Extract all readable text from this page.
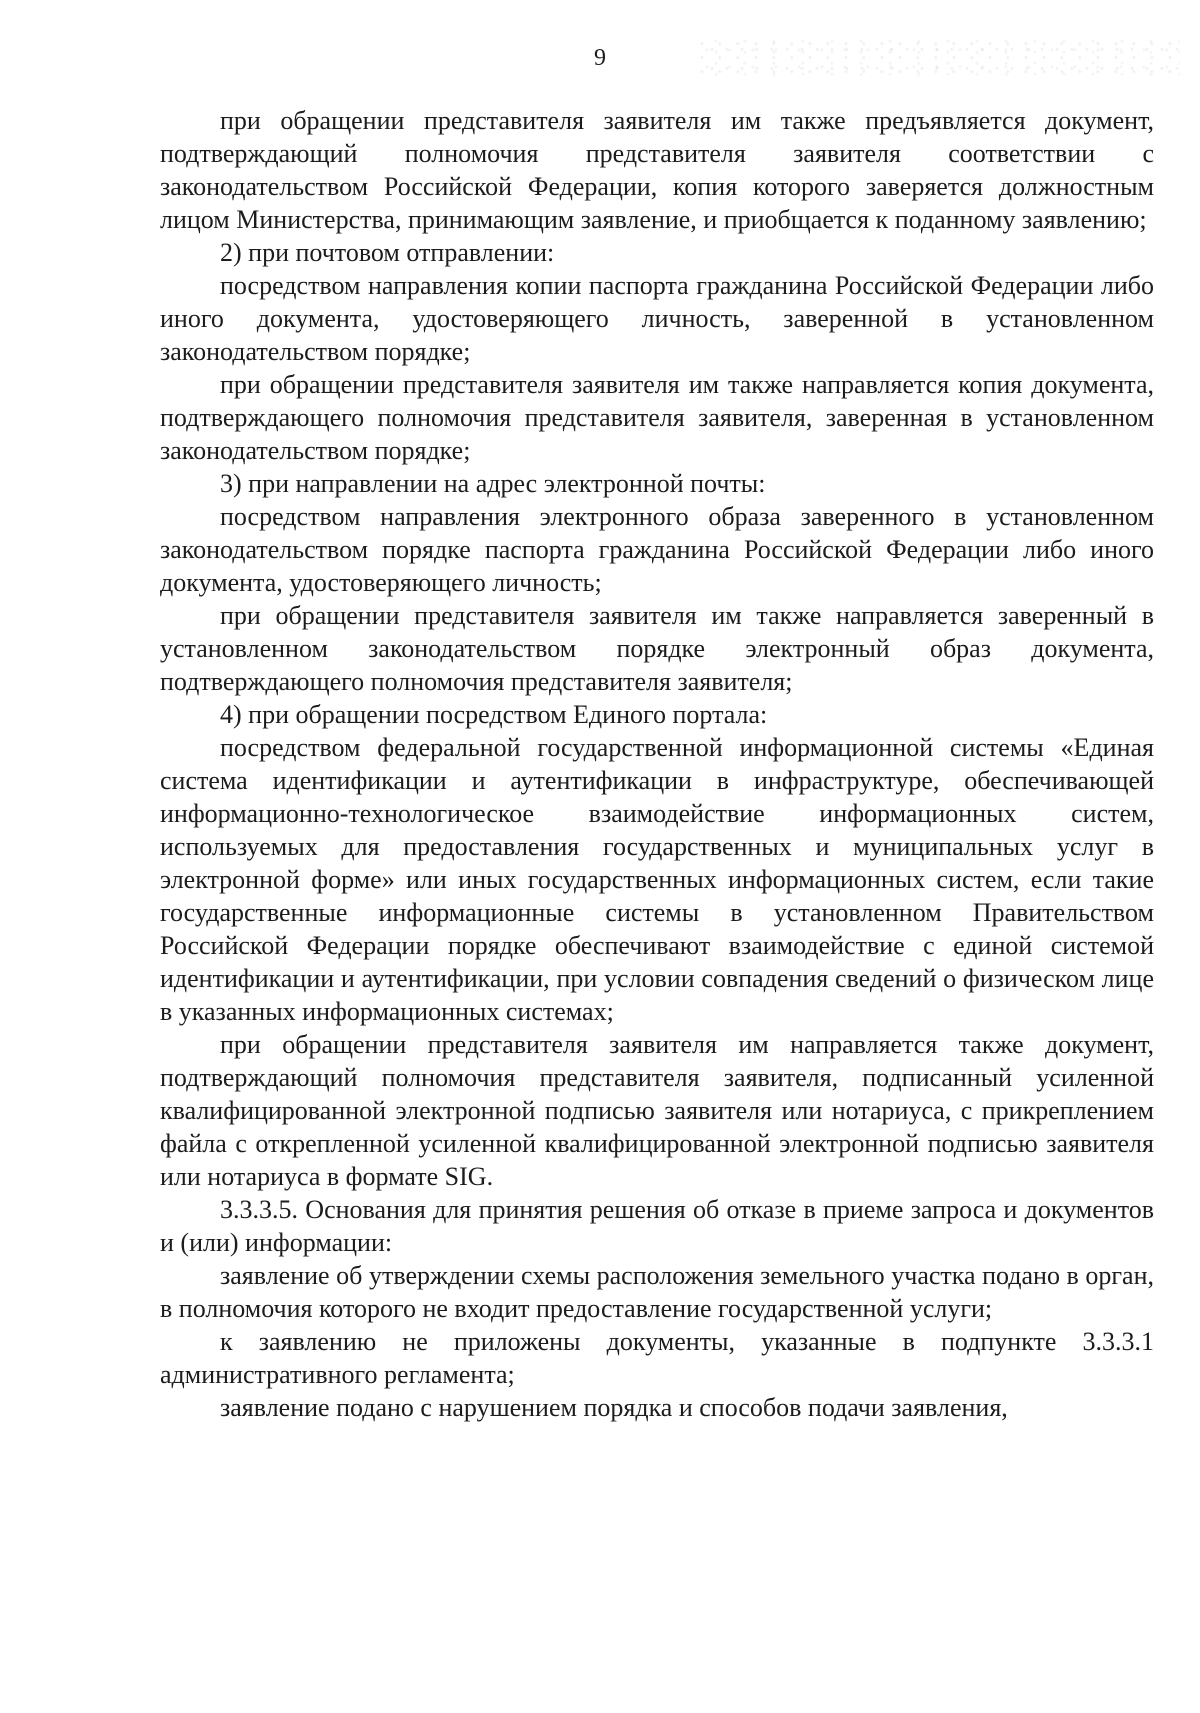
9

при обращении представителя заявителя им также предъявляется документ, подтверждающий полномочия представителя заявителя соответствии с законодательством Российской Федерации, копия которого заверяется должностным лицом Министерства, принимающим заявление, и приобщается к поданному заявлению;

2) при почтовом отправлении:

посредством направления копии паспорта гражданина Российской Федерации либо иного документа, удостоверяющего личность, заверенной в установленном законодательством порядке;

при обращении представителя заявителя им также направляется копия документа, подтверждающего полномочия представителя заявителя, заверенная в установленном законодательством порядке;

3) при направлении на адрес электронной почты:

посредством направления электронного образа заверенного в установленном законодательством порядке паспорта гражданина Российской Федерации либо иного документа, удостоверяющего личность;

при обращении представителя заявителя им также направляется заверенный в установленном законодательством порядке электронный образ документа, подтверждающего полномочия представителя заявителя;

4) при обращении посредством Единого портала:

посредством федеральной государственной информационной системы «Единая система идентификации и аутентификации в инфраструктуре, обеспечивающей информационно-технологическое взаимодействие информационных систем, используемых для предоставления государственных и муниципальных услуг в электронной форме» или иных государственных информационных систем, если такие государственные информационные системы в установленном Правительством Российской Федерации порядке обеспечивают взаимодействие с единой системой идентификации и аутентификации, при условии совпадения сведений о физическом лице в указанных информационных системах;

при обращении представителя заявителя им направляется также документ, подтверждающий полномочия представителя заявителя, подписанный усиленной квалифицированной электронной подписью заявителя или нотариуса, с прикреплением файла с открепленной усиленной квалифицированной электронной подписью заявителя или нотариуса в формате SIG.

3.3.3.5. Основания для принятия решения об отказе в приеме запроса и документов и (или) информации:

заявление об утверждении схемы расположения земельного участка подано в орган, в полномочия которого не входит предоставление государственной услуги;

к заявлению не приложены документы, указанные в подпункте 3.3.3.1 административного регламента;

заявление подано с нарушением порядка и способов подачи заявления,
